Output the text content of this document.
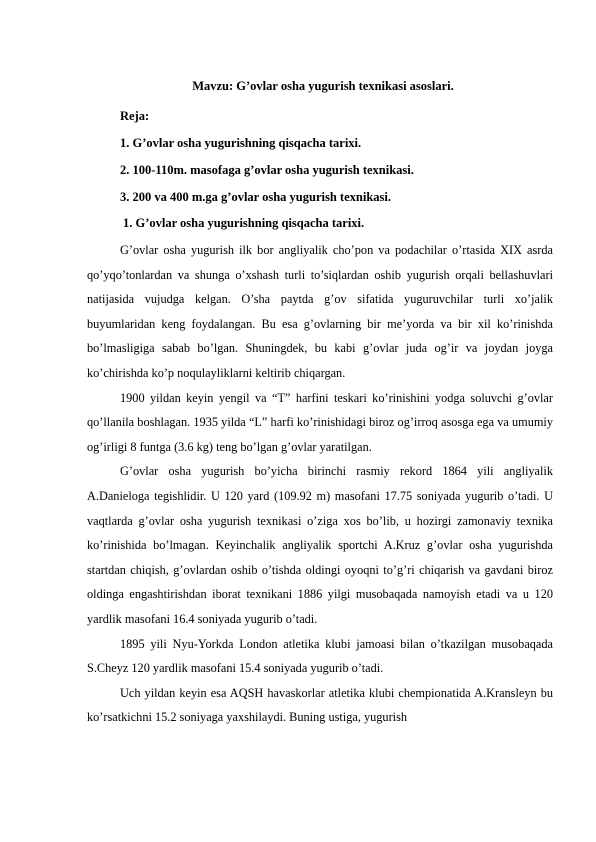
Mavzu: G’ovlar osha yugurish texnikasi asoslari.
Reja:
1. G’ovlar osha yugurishning qisqacha tarixi.
2. 100-110m. masofaga g’ovlar osha yugurish texnikasi.
3. 200 va 400 m.ga g’ovlar osha yugurish texnikasi.
1. G’ovlar osha yugurishning qisqacha tarixi.

G’ovlar osha yugurish ilk bor angliyalik cho’pon va podachilar o’rtasida XIX asrda qo’yqo’tonlardan va shunga o’xshash turli to’siqlardan oshib yugurish orqali bellashuvlari natijasida vujudga kelgan. O’sha paytda g’ov sifatida yuguruvchilar turli xo’jalik buyumlaridan keng foydalangan. Bu esa g’ovlarning bir me’yorda va bir xil ko’rinishda bo’lmasligiga sabab bo’lgan. Shuningdek, bu kabi g’ovlar juda og’ir va joydan joyga ko’chirishda ko’p noqulayliklarni keltirib chiqargan.

1900 yildan keyin yengil va “T” harfini teskari ko’rinishini yodga soluvchi g’ovlar qo’llanila boshlagan. 1935 yilda “L” harfi ko’rinishidagi biroz og’irroq asosga ega va umumiy og’irligi 8 funtga (3.6 kg) teng bo’lgan g’ovlar yaratilgan.

G’ovlar osha yugurish bo’yicha birinchi rasmiy rekord 1864 yili angliyalik A.Danieloga tegishlidir. U 120 yard (109.92 m) masofani 17.75 soniyada yugurib o’tadi. U vaqtlarda g’ovlar osha yugurish texnikasi o’ziga xos bo’lib, u hozirgi zamonaviy texnika ko’rinishida bo’lmagan. Keyinchalik angliyalik sportchi A.Kruz g’ovlar osha yugurishda startdan chiqish, g’ovlardan oshib o’tishda oldingi oyoqni to’g’ri chiqarish va gavdani biroz oldinga engashtirishdan iborat texnikani 1886 yilgi musobaqada namoyish etadi va u 120 yardlik masofani 16.4 soniyada yugurib o’tadi.

1895 yili Nyu-Yorkda London atletika klubi jamoasi bilan o’tkazilgan musobaqada S.Cheyz 120 yardlik masofani 15.4 soniyada yugurib o’tadi.

Uch yildan keyin esa AQSH havaskorlar atletika klubi chempionatida A.Kransleyn bu ko’rsatkichni 15.2 soniyaga yaxshilaydi. Buning ustiga, yugurish
